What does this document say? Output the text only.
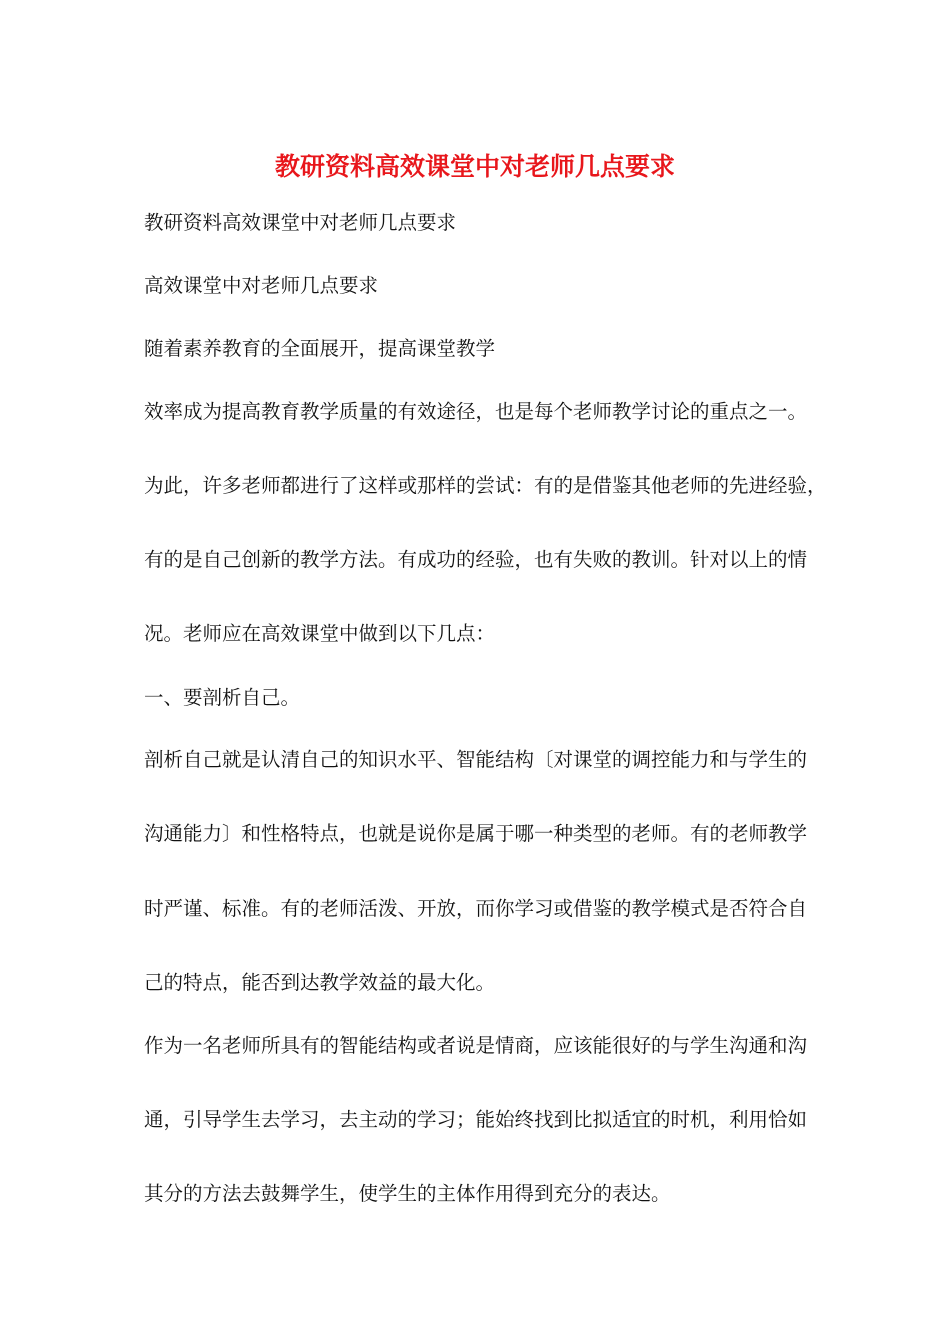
教研资料高效课堂中对老师几点要求

教研资料高效课堂中对老师几点要求

高效课堂中对老师几点要求

随着素养教育的全面展开，提高课堂教学

效率成为提高教育教学质量的有效途径，也是每个老师教学讨论的重点之一。

为此，许多老师都进行了这样或那样的尝试：有的是借鉴其他老师的先进经验，

有的是自己创新的教学方法。有成功的经验，也有失败的教训。针对以上的情

况。老师应在高效课堂中做到以下几点：

一、要剖析自己。

剖析自己就是认清自己的知识水平、智能结构〔对课堂的调控能力和与学生的

沟通能力〕和性格特点，也就是说你是属于哪一种类型的老师。有的老师教学

时严谨、标准。有的老师活泼、开放，而你学习或借鉴的教学模式是否符合自

己的特点，能否到达教学效益的最大化。

作为一名老师所具有的智能结构或者说是情商，应该能很好的与学生沟通和沟

通，引导学生去学习，去主动的学习；能始终找到比拟适宜的时机，利用恰如

其分的方法去鼓舞学生，使学生的主体作用得到充分的表达。
